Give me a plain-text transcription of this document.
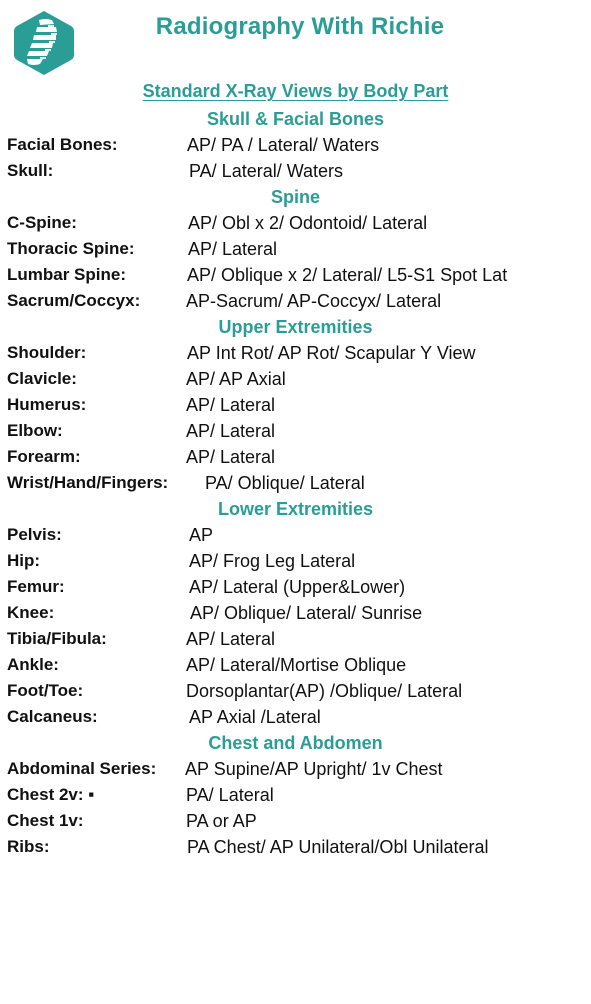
Radiography With Richie
Standard X-Ray Views by Body Part
Skull & Facial Bones
Facial Bones:	AP/ PA / Lateral/ Waters
Skull:	PA/ Lateral/ Waters
Spine
C-Spine:	AP/ Obl x 2/ Odontoid/ Lateral
Thoracic Spine:	AP/ Lateral
Lumbar Spine:	AP/ Oblique x 2/ Lateral/ L5-S1 Spot Lat
Sacrum/Coccyx:	AP-Sacrum/ AP-Coccyx/ Lateral
Upper Extremities
Shoulder:	AP Int Rot/ AP Rot/ Scapular Y View
Clavicle:	AP/ AP Axial
Humerus:	AP/ Lateral
Elbow:	AP/ Lateral
Forearm:	AP/ Lateral
Wrist/Hand/Fingers: PA/ Oblique/ Lateral
Lower Extremities
Pelvis:	AP
Hip:	AP/ Frog Leg Lateral
Femur:	AP/ Lateral (Upper&Lower)
Knee:	AP/ Oblique/ Lateral/ Sunrise
Tibia/Fibula:	AP/ Lateral
Ankle:	AP/ Lateral/Mortise Oblique
Foot/Toe:	Dorsoplantar(AP) /Oblique/ Lateral
Calcaneus:	AP Axial /Lateral
Chest and Abdomen
Abdominal Series: AP Supine/AP Upright/ 1v Chest
Chest 2v: ▪	PA/ Lateral
Chest 1v:	PA or AP
Ribs:	PA Chest/ AP Unilateral/Obl Unilateral
